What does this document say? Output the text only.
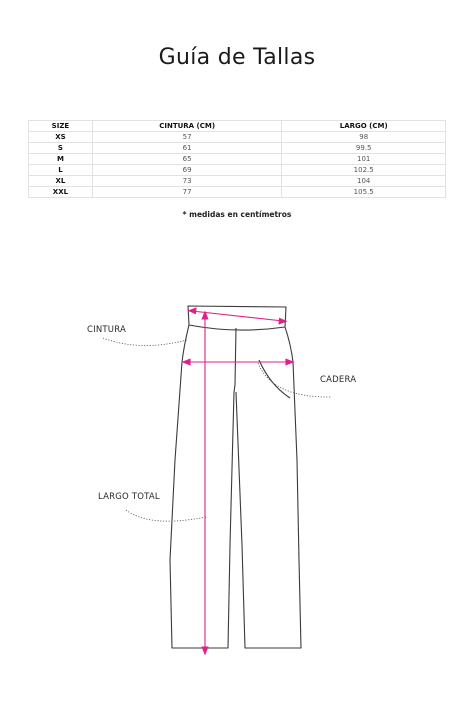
Guía de Tallas
SIZE	CINTURA (CM)	LARGO (CM)
XS	57	98
S	61	99.5
M	65	101
L	69	102.5
XL	73	104
XXL	77	105.5
* medidas en centímetros
CINTURA
CADERA
LARGO TOTAL
